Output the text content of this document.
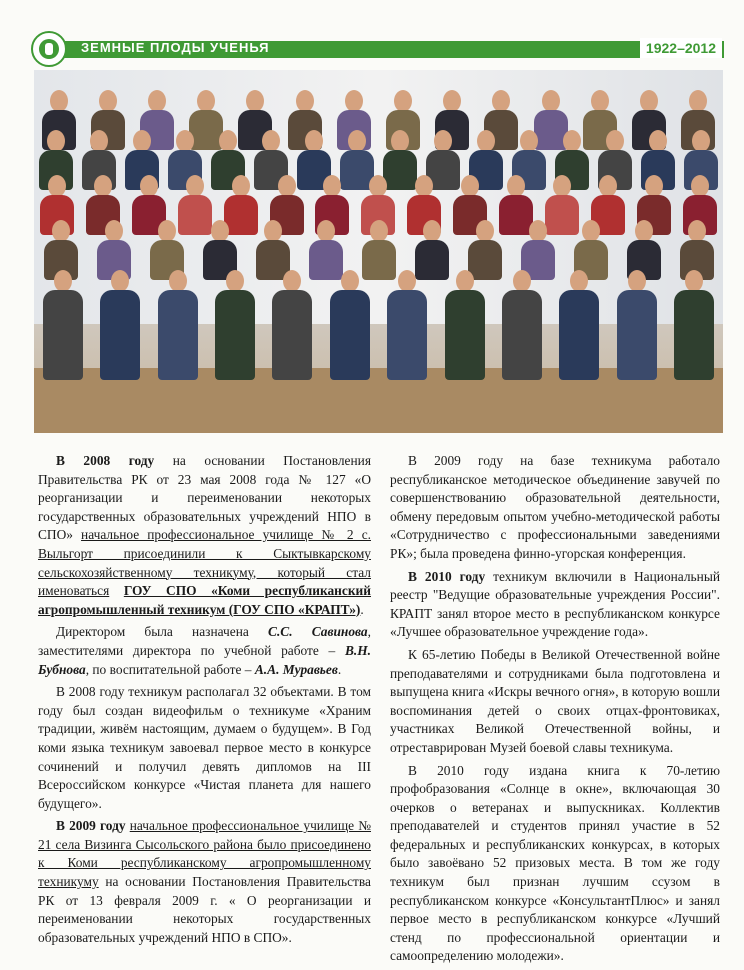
ЗЕМНЫЕ ПЛОДЫ УЧЕНЬЯ	1922–2012

В 2008 году на основании Постановления Правительства РК от 23 мая 2008 года № 127 «О реорганизации и переименовании некоторых государственных образовательных учреждений НПО в СПО» начальное профессиональное училище № 2 с. Выльгорт присоединили к Сыктывкарскому сельскохозяйственному техникуму, который стал именоваться ГОУ СПО «Коми республиканский агропромышленный техникум (ГОУ СПО «КРАПТ»).

Директором была назначена С.С. Савинова, заместителями директора по учебной работе – В.Н. Бубнова, по воспитательной работе – А.А. Муравьев.

В 2008 году техникум располагал 32 объектами. В том году был создан видеофильм о техникуме «Храним традиции, живём настоящим, думаем о будущем». В Год коми языка техникум завоевал первое место в конкурсе сочинений и получил девять дипломов на III Всероссийском конкурсе «Чистая планета для нашего будущего».

В 2009 году начальное профессиональное училище № 21 села Визинга Сысольского района было присоединено к Коми республиканскому агропромышленному техникуму на основании Постановления Правительства РК от 13 февраля 2009 г. « О реорганизации и переименовании некоторых государственных образовательных учреждений НПО в СПО».

В 2009 году на базе техникума работало республиканское методическое объединение завучей по совершенствованию образовательной деятельности, обмену передовым опытом учебно-методической работы «Сотрудничество с профессиональными заведениями РК»; была проведена финно-угорская конференция.

В 2010 году техникум включили в Национальный реестр "Ведущие образовательные учреждения России". КРАПТ занял второе место в республиканском конкурсе «Лучшее образовательное учреждение года».

К 65-летию Победы в Великой Отечественной войне преподавателями и сотрудниками была подготовлена и выпущена книга «Искры вечного огня», в которую вошли воспоминания детей о своих отцах-фронтовиках, участниках Великой Отечественной войны, и отреставрирован Музей боевой славы техникума.

В 2010 году издана книга к 70-летию профобразования «Солнце в окне», включающая 30 очерков о ветеранах и выпускниках. Коллектив преподавателей и студентов принял участие в 52 федеральных и республиканских конкурсах, в которых было завоёвано 52 призовых места. В том же году техникум был признан лучшим ссузом в республиканском конкурсе «КонсультантПлюс» и занял первое место в республиканском конкурсе «Лучший стенд по профессиональной ориентации и самоопределению молодежи».
